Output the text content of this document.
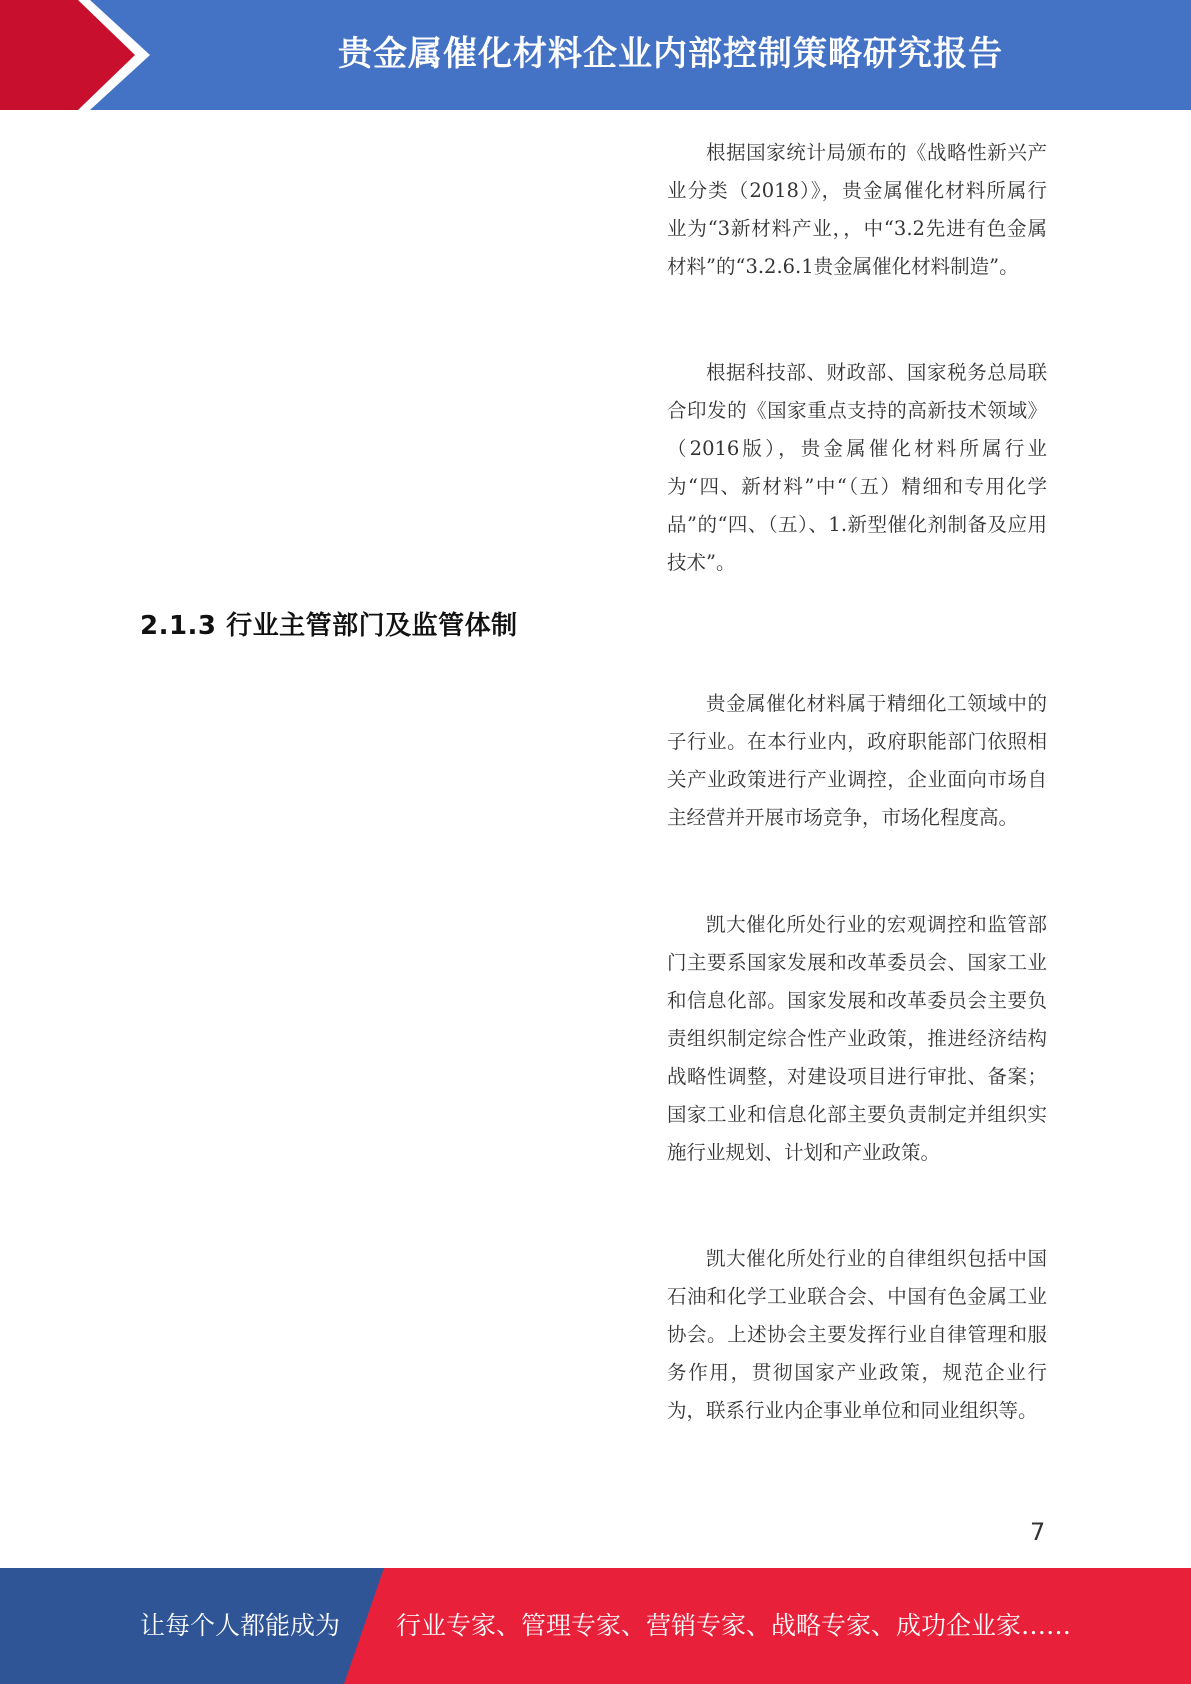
贵金属催化材料企业内部控制策略研究报告

根据国家统计局颁布的《战略性新兴产业分类（2018）》，贵金属催化材料所属行业为“3新材料产业，，中“3.2先进有色金属材料”的“3.2.6.1贵金属催化材料制造”。

根据科技部、财政部、国家税务总局联合印发的《国家重点支持的高新技术领域》（2016版），贵金属催化材料所属行业为“四、新材料”中“（五）精细和专用化学品”的“四、（五）、1.新型催化剂制备及应用技术”。

2.1.3 行业主管部门及监管体制

贵金属催化材料属于精细化工领域中的子行业。在本行业内，政府职能部门依照相关产业政策进行产业调控，企业面向市场自主经营并开展市场竞争，市场化程度高。

凯大催化所处行业的宏观调控和监管部门主要系国家发展和改革委员会、国家工业和信息化部。国家发展和改革委员会主要负责组织制定综合性产业政策，推进经济结构战略性调整，对建设项目进行审批、备案；国家工业和信息化部主要负责制定并组织实施行业规划、计划和产业政策。

凯大催化所处行业的自律组织包括中国石油和化学工业联合会、中国有色金属工业协会。上述协会主要发挥行业自律管理和服务作用，贯彻国家产业政策，规范企业行为，联系行业内企事业单位和同业组织等。

7
让每个人都能成为 行业专家、管理专家、营销专家、战略专家、成功企业家……
